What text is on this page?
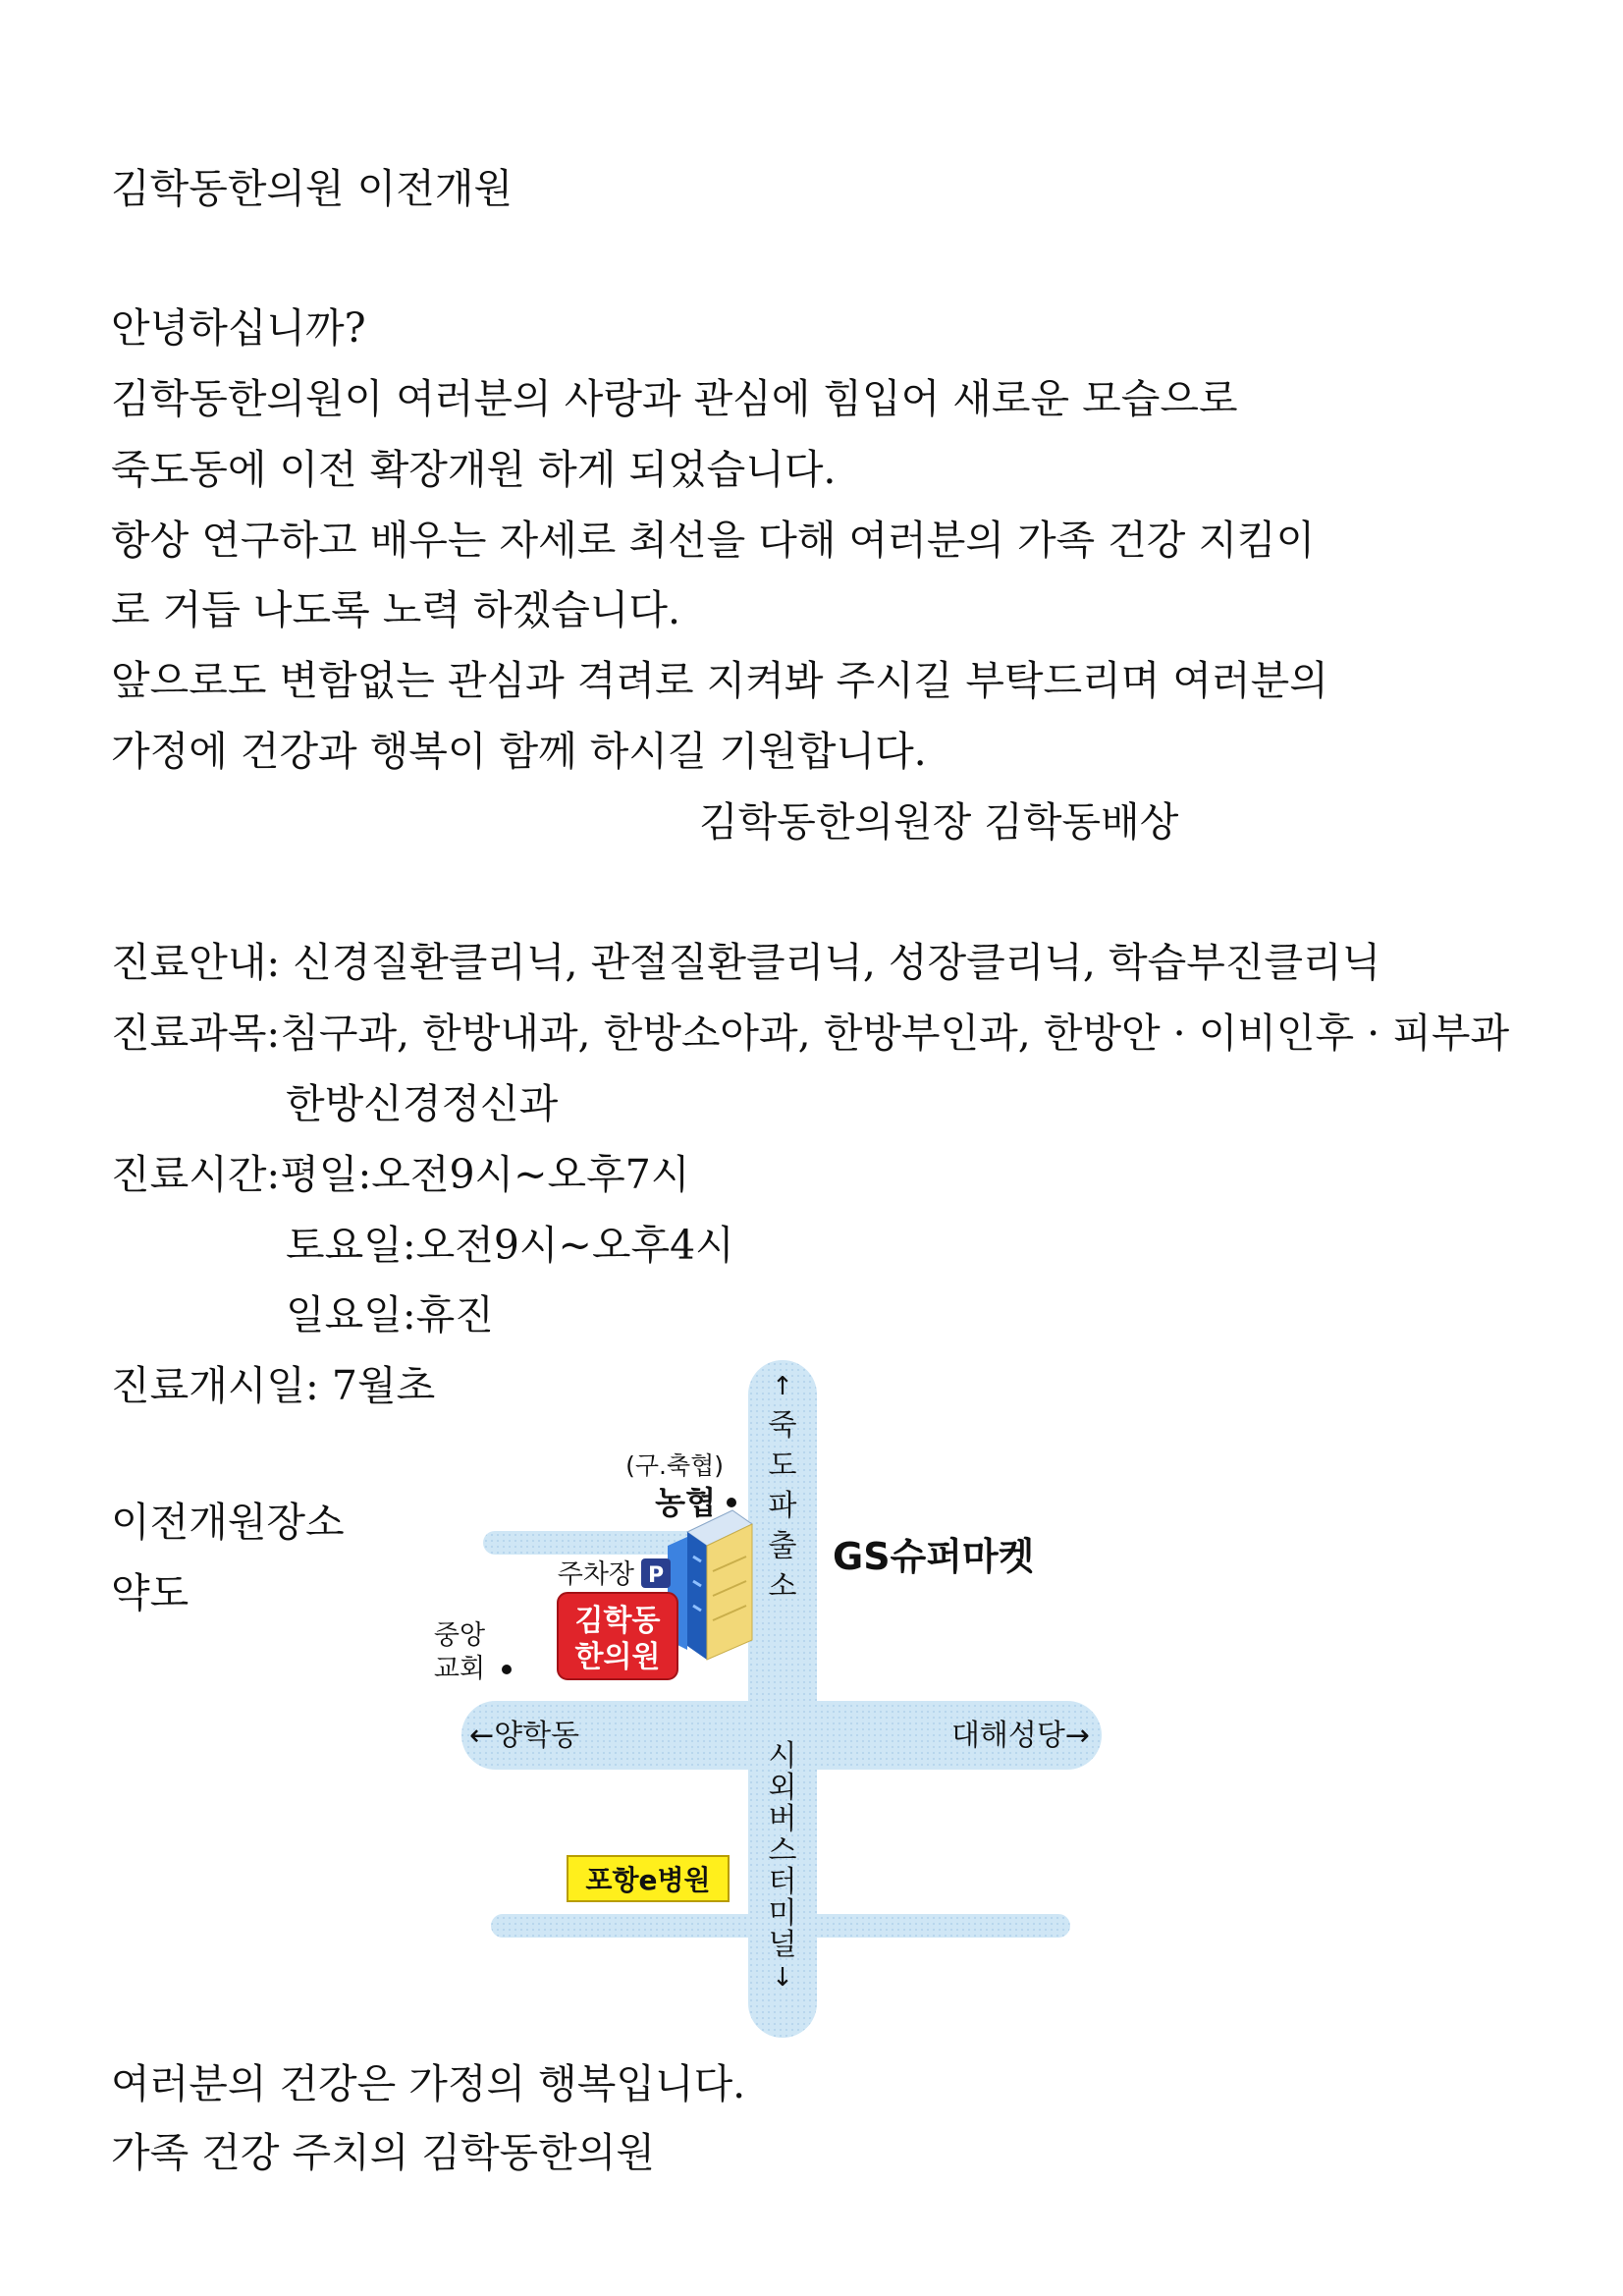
김학동한의원 이전개원
안녕하십니까?
김학동한의원이 여러분의 사랑과 관심에 힘입어 새로운 모습으로
죽도동에 이전 확장개원 하게 되었습니다.
항상 연구하고 배우는 자세로 최선을 다해 여러분의 가족 건강 지킴이
로 거듭 나도록 노력 하겠습니다.
앞으로도 변함없는 관심과 격려로 지켜봐 주시길 부탁드리며 여러분의
가정에 건강과 행복이 함께 하시길 기원합니다.
김학동한의원장 김학동배상
진료안내: 신경질환클리닉, 관절질환클리닉, 성장클리닉, 학습부진클리닉
진료과목:침구과, 한방내과, 한방소아과, 한방부인과, 한방안 · 이비인후 · 피부과
한방신경정신과
진료시간:평일:오전9시~오후7시
토요일:오전9시~오후4시
일요일:휴진
진료개시일: 7월초
이전개원장소
약도
김학동
한의원
주차장 P
(구.축협)
농협
중앙
교회
GS슈퍼마켓
←양학동	대해성당→
포항e병원
↑
죽
도
파
출
소
시
외
버
스
터
미
널
↓
여러분의 건강은 가정의 행복입니다.
가족 건강 주치의 김학동한의원
